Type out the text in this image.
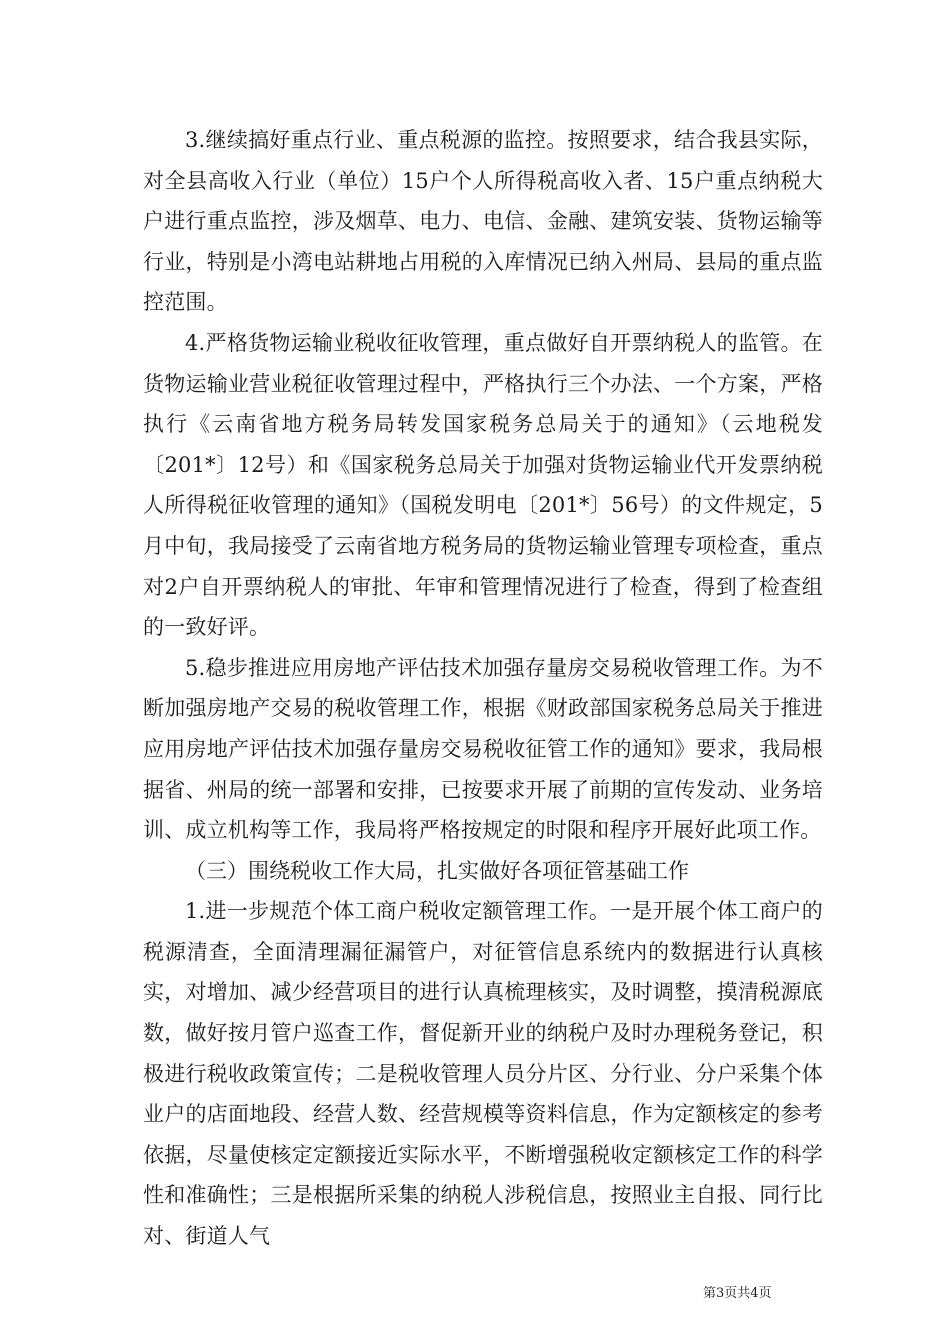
3.继续搞好重点行业、重点税源的监控。按照要求，结合我县实际，对全县高收入行业（单位）15户个人所得税高收入者、15户重点纳税大户进行重点监控，涉及烟草、电力、电信、金融、建筑安装、货物运输等行业，特别是小湾电站耕地占用税的入库情况已纳入州局、县局的重点监控范围。

4.严格货物运输业税收征收管理，重点做好自开票纳税人的监管。在货物运输业营业税征收管理过程中，严格执行三个办法、一个方案，严格执行《云南省地方税务局转发国家税务总局关于的通知》（云地税发〔201*〕12号）和《国家税务总局关于加强对货物运输业代开发票纳税人所得税征收管理的通知》（国税发明电〔201*〕56号）的文件规定，5月中旬，我局接受了云南省地方税务局的货物运输业管理专项检查，重点对2户自开票纳税人的审批、年审和管理情况进行了检查，得到了检查组的一致好评。

5.稳步推进应用房地产评估技术加强存量房交易税收管理工作。为不断加强房地产交易的税收管理工作，根据《财政部国家税务总局关于推进应用房地产评估技术加强存量房交易税收征管工作的通知》要求，我局根据省、州局的统一部署和安排，已按要求开展了前期的宣传发动、业务培训、成立机构等工作，我局将严格按规定的时限和程序开展好此项工作。

（三）围绕税收工作大局，扎实做好各项征管基础工作

1.进一步规范个体工商户税收定额管理工作。一是开展个体工商户的税源清查，全面清理漏征漏管户，对征管信息系统内的数据进行认真核实，对增加、减少经营项目的进行认真梳理核实，及时调整，摸清税源底数，做好按月管户巡查工作，督促新开业的纳税户及时办理税务登记，积极进行税收政策宣传；二是税收管理人员分片区、分行业、分户采集个体业户的店面地段、经营人数、经营规模等资料信息，作为定额核定的参考依据，尽量使核定定额接近实际水平，不断增强税收定额核定工作的科学性和准确性；三是根据所采集的纳税人涉税信息，按照业主自报、同行比对、街道人气

第3页共4页
